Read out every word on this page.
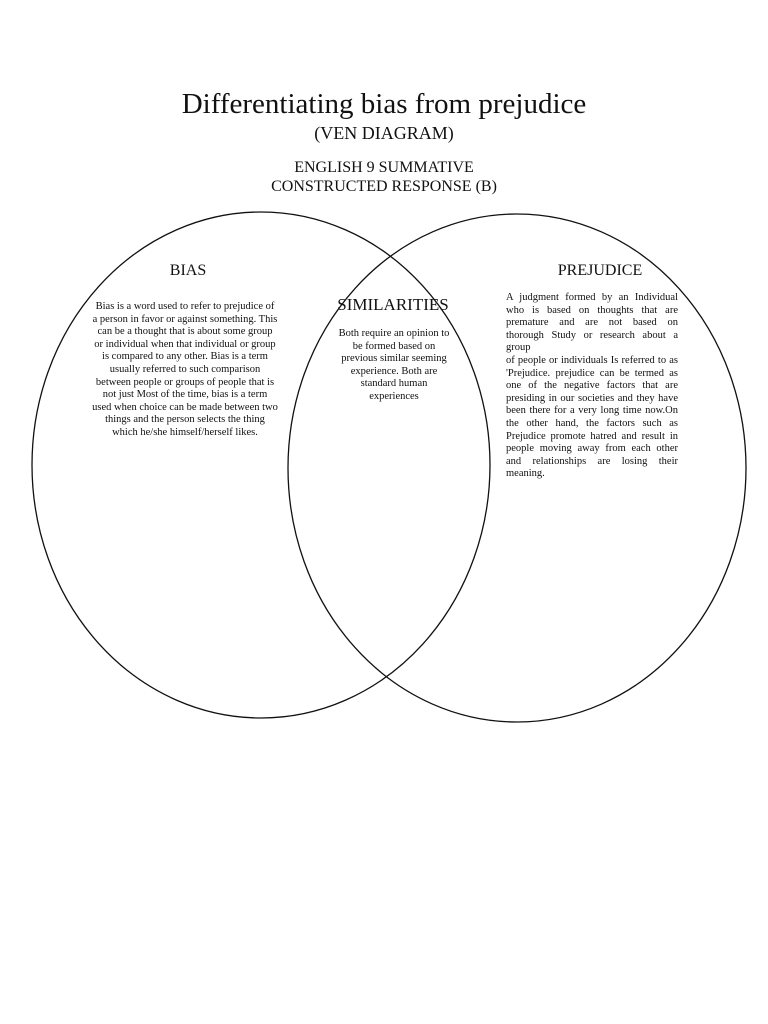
Differentiating bias from prejudice
(VEN DIAGRAM)
ENGLISH 9 SUMMATIVE
CONSTRUCTED RESPONSE (B)
BIAS	PREJUDICE
SIMILARITIES
Bias is a word used to refer to prejudice of a person in favor or against something. This can be a thought that is about some group or individual when that individual or group is compared to any other. Bias is a term usually referred to such comparison between people or groups of people that is not just Most of the time, bias is a term used when choice can be made between two things and the person selects the thing which he/she himself/herself likes.
Both require an opinion to be formed based on previous similar seeming experience. Both are standard human experiences
A judgment formed by an Individual who is based on thoughts that are premature and are not based on thorough Study or research about a group
of people or individuals Is referred to as 'Prejudice. prejudice can be termed as one of the negative factors that are presiding in our societies and they have been there for a very long time now.On the other hand, the factors such as Prejudice promote hatred and result in people moving away from each other and relationships are losing their meaning.
